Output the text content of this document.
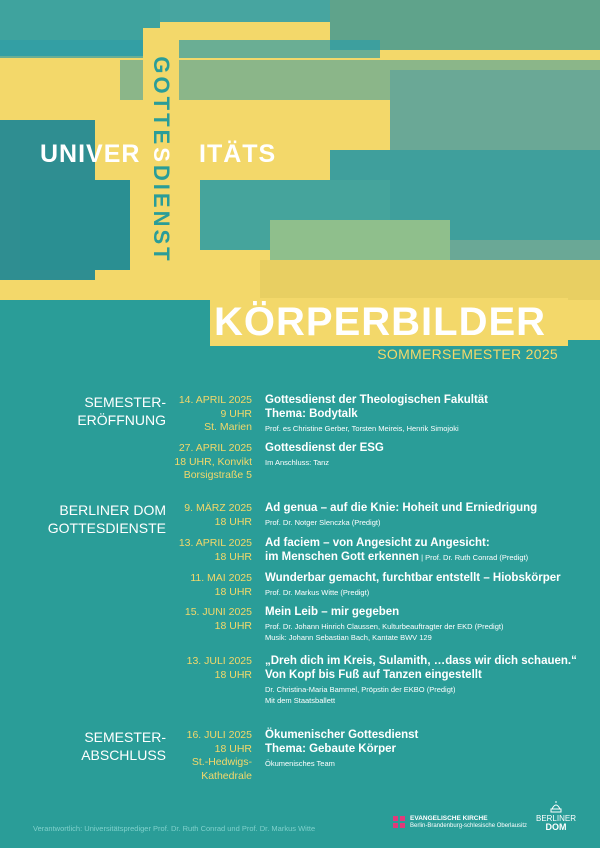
GOTTESDIENST
UNIVER ITÄTS
KÖRPERBILDER
SOMMERSEMESTER 2025
SEMESTER-
ERÖFFNUNG
14. APRIL 2025
9 UHR
St. Marien
Gottesdienst der Theologischen Fakultät
Thema: Bodytalk
Prof. es Christine Gerber, Torsten Meireis, Henrik Simojoki
27. APRIL 2025
18 UHR, Konvikt
Borsigstraße 5
Gottesdienst der ESG
Im Anschluss: Tanz
BERLINER DOM
GOTTESDIENSTE
9. MÄRZ 2025
18 UHR
Ad genua – auf die Knie: Hoheit und Erniedrigung
Prof. Dr. Notger Slenczka (Predigt)
13. APRIL 2025
18 UHR
Ad faciem – von Angesicht zu Angesicht:
im Menschen Gott erkennen | Prof. Dr. Ruth Conrad (Predigt)
11. MAI 2025
18 UHR
Wunderbar gemacht, furchtbar entstellt – Hiobskörper
Prof. Dr. Markus Witte (Predigt)
15. JUNI 2025
18 UHR
Mein Leib – mir gegeben
Prof. Dr. Johann Hinrich Claussen, Kulturbeauftragter der EKD (Predigt)
Musik: Johann Sebastian Bach, Kantate BWV 129
13. JULI 2025
18 UHR
„Dreh dich im Kreis, Sulamith, …dass wir dich schauen.“
Von Kopf bis Fuß auf Tanzen eingestellt
Dr. Christina-Maria Bammel, Pröpstin der EKBO (Predigt)
Mit dem Staatsballett
SEMESTER-
ABSCHLUSS
16. JULI 2025
18 UHR
St.-Hedwigs-
Kathedrale
Ökumenischer Gottesdienst
Thema: Gebaute Körper
Ökumenisches Team
Verantwortlich: Universitätsprediger Prof. Dr. Ruth Conrad und Prof. Dr. Markus Witte
EVANGELISCHE KIRCHE
Berlin-Brandenburg-schlesische Oberlausitz
BERLINER
DOM
